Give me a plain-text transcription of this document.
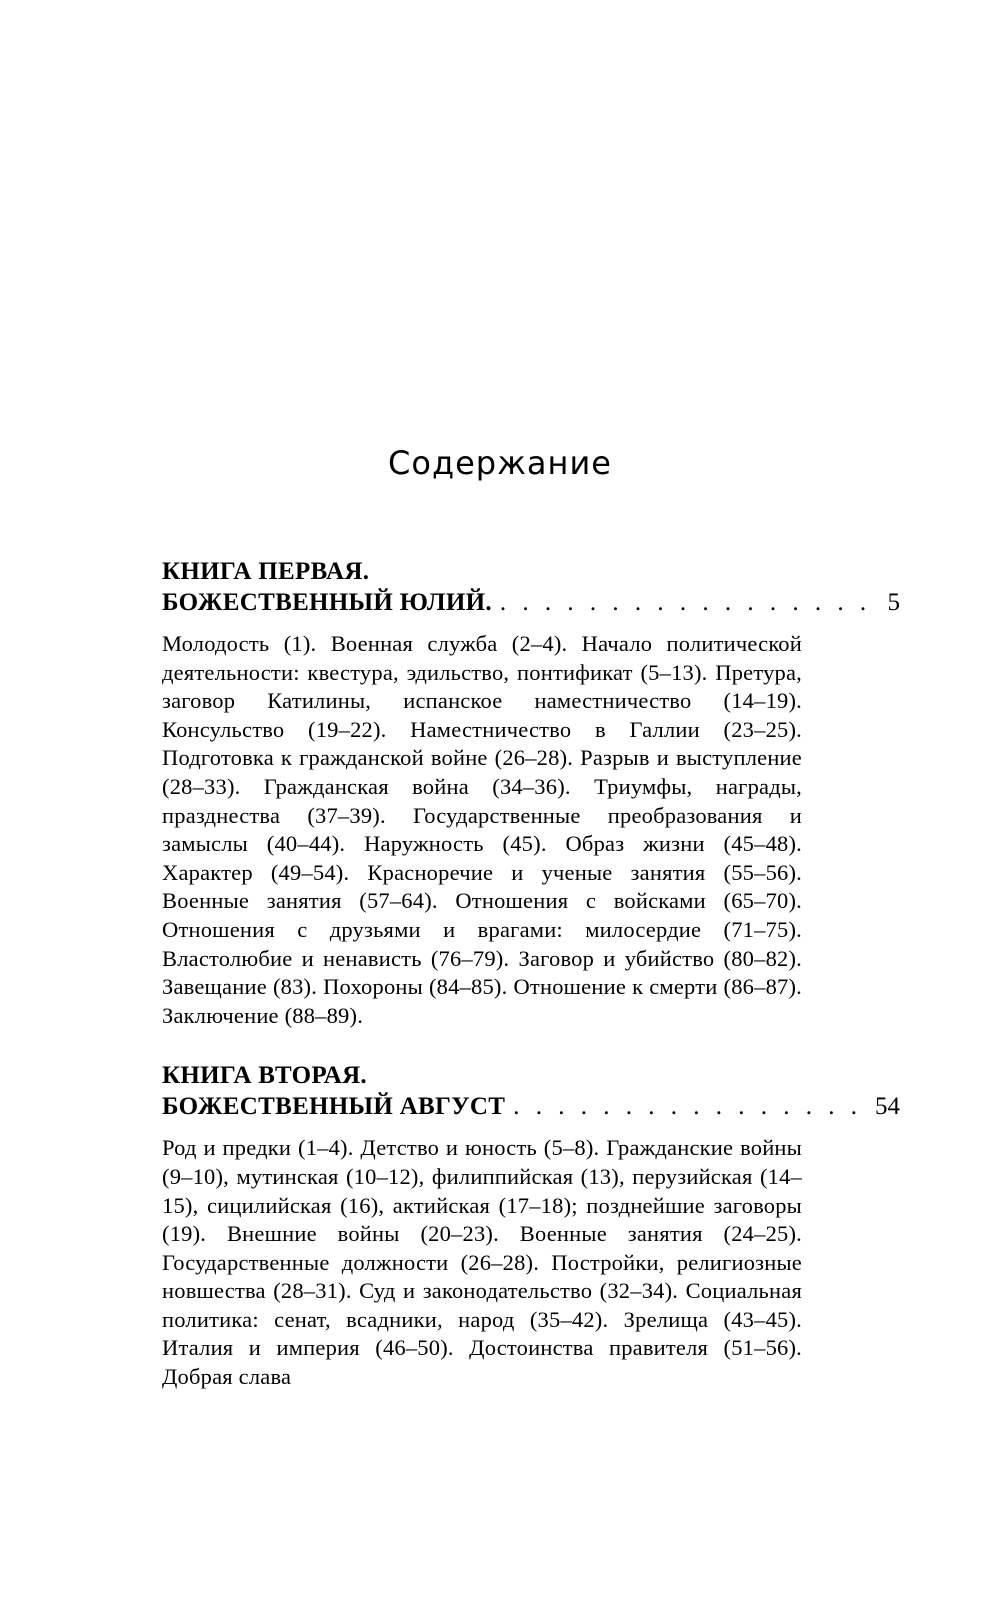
Содержание
КНИГА ПЕРВАЯ.
БОЖЕСТВЕННЫЙ ЮЛИЙ. . . .	5

Молодость (1). Военная служба (2–4). Начало политической деятельности: квестура, эдильство, понтификат (5–13). Претура, заговор Катилины, испанское наместничество (14–19). Консульство (19–22). Наместничество в Галлии (23–25). Подготовка к гражданской войне (26–28). Разрыв и выступление (28–33). Гражданская война (34–36). Триумфы, награды, празднества (37–39). Государственные преобразования и замыслы (40–44). Наружность (45). Образ жизни (45–48). Характер (49–54). Красноречие и ученые занятия (55–56). Военные занятия (57–64). Отношения с войсками (65–70). Отношения с друзьями и врагами: милосердие (71–75). Властолюбие и ненависть (76–79). Заговор и убийство (80–82). Завещание (83). Похороны (84–85). Отношение к смерти (86–87). Заключение (88–89).

КНИГА ВТОРАЯ.
БОЖЕСТВЕННЫЙ АВГУСТ . . .	54

Род и предки (1–4). Детство и юность (5–8). Гражданские войны (9–10), мутинская (10–12), филиппийская (13), перузийская (14–15), сицилийская (16), актийская (17–18); позднейшие заговоры (19). Внешние войны (20–23). Военные занятия (24–25). Государственные должности (26–28). Постройки, религиозные новшества (28–31). Суд и законодательство (32–34). Социальная политика: сенат, всадники, народ (35–42). Зрелища (43–45). Италия и империя (46–50). Достоинства правителя (51–56). Добрая слава
